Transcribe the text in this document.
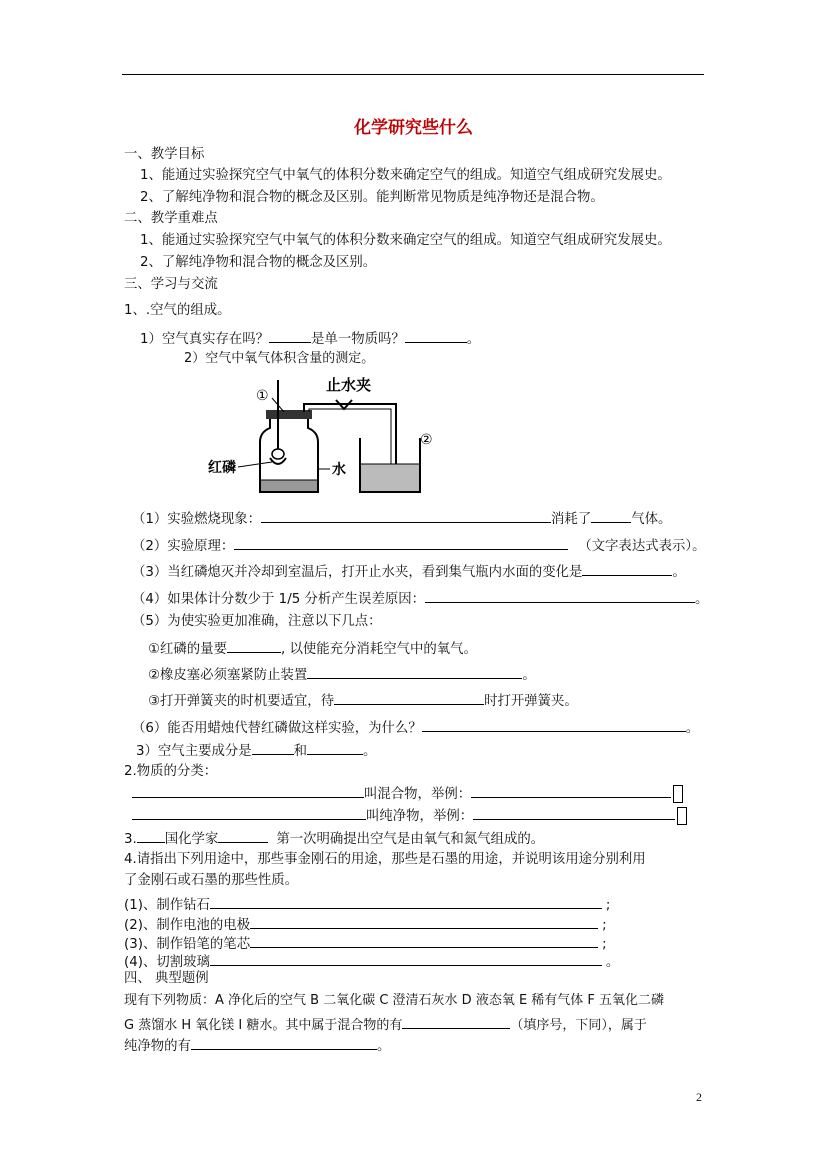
化学研究些什么
一、教学目标
1、能通过实验探究空气中氧气的体积分数来确定空气的组成。知道空气组成研究发展史。
2、了解纯净物和混合物的概念及区别。能判断常见物质是纯净物还是混合物。
二、教学重难点
1、能通过实验探究空气中氧气的体积分数来确定空气的组成。知道空气组成研究发展史。
2、了解纯净物和混合物的概念及区别。
三、学习与交流
1、.空气的组成。
1）空气真实存在吗？	是单一物质吗？	。
2）空气中氧气体积含量的测定。
①
止水夹
②
红磷	水
（1）实验燃烧现象：	消耗了	气体。
（2）实验原理：	（文字表达式表示）。
（3）当红磷熄灭并冷却到室温后，打开止水夹，看到集气瓶内水面的变化是	。
（4）如果体计分数少于 1/5 分析产生误差原因：	。
（5）为使实验更加准确，注意以下几点：
①红磷的量要	, 以使能充分消耗空气中的氧气。
②橡皮塞必须塞紧防止装置	。
③打开弹簧夹的时机要适宜，待	时打开弹簧夹。
（6）能否用蜡烛代替红磷做这样实验，为什么？	。
3）空气主要成分是	和	。
2.物质的分类：
叫混合物，举例：
叫纯净物，举例：
3. 国化学家	第一次明确提出空气是由氧气和氮气组成的。
4.请指出下列用途中，那些事金刚石的用途，那些是石墨的用途，并说明该用途分别利用
了金刚石或石墨的那些性质。
(1)、制作钻石	;
(2)、制作电池的电极	;
(3)、制作铅笔的笔芯	;
(4)、切割玻璃	。
四、 典型题例
现有下列物质：A 净化后的空气 B 二氧化碳 C 澄清石灰水 D 液态氧 E 稀有气体 F 五氧化二磷
G 蒸馏水 H 氧化镁 I 糖水。其中属于混合物的有	（填序号，下同），属于
纯净物的有	。
2
